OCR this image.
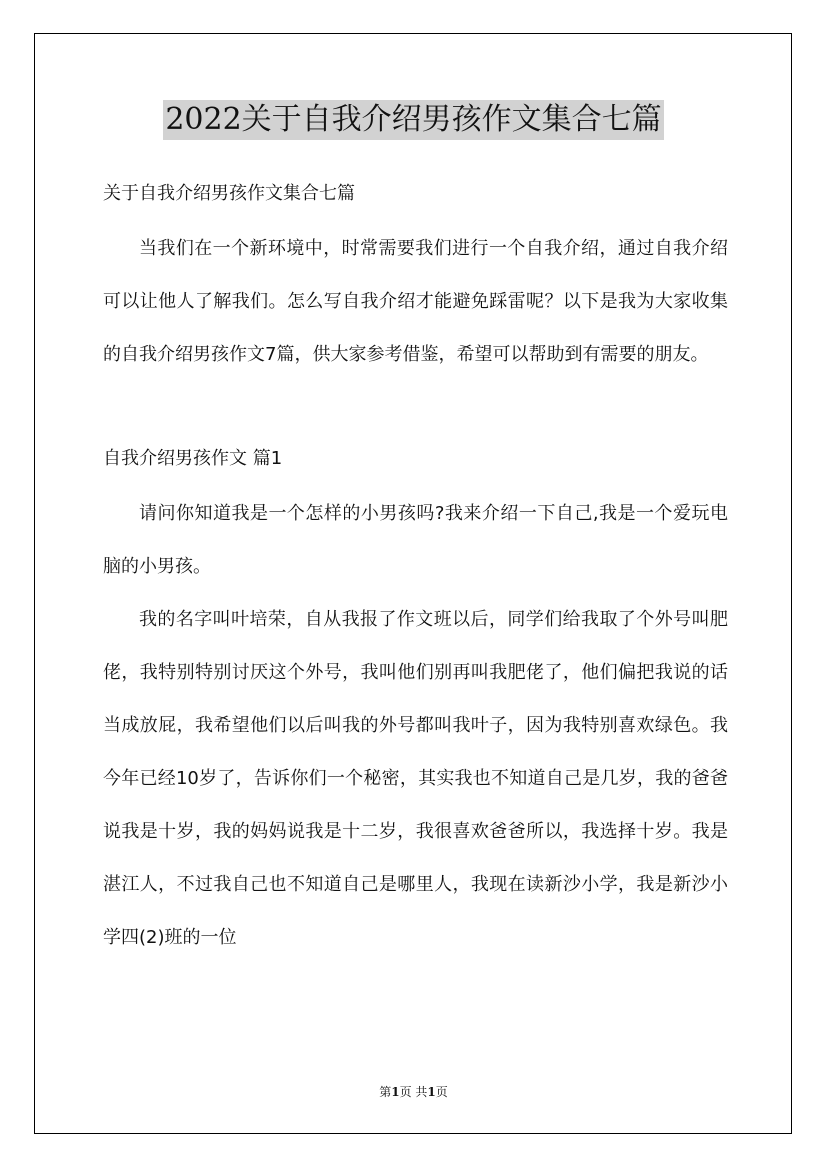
2022关于自我介绍男孩作文集合七篇
关于自我介绍男孩作文集合七篇

当我们在一个新环境中，时常需要我们进行一个自我介绍，通过自我介绍可以让他人了解我们。怎么写自我介绍才能避免踩雷呢？以下是我为大家收集的自我介绍男孩作文7篇，供大家参考借鉴，希望可以帮助到有需要的朋友。

自我介绍男孩作文 篇1

请问你知道我是一个怎样的小男孩吗?我来介绍一下自己,我是一个爱玩电脑的小男孩。

我的名字叫叶培荣，自从我报了作文班以后，同学们给我取了个外号叫肥佬，我特别特别讨厌这个外号，我叫他们别再叫我肥佬了，他们偏把我说的话当成放屁，我希望他们以后叫我的外号都叫我叶子，因为我特别喜欢绿色。我今年已经10岁了，告诉你们一个秘密，其实我也不知道自己是几岁，我的爸爸说我是十岁，我的妈妈说我是十二岁，我很喜欢爸爸所以，我选择十岁。我是湛江人，不过我自己也不知道自己是哪里人，我现在读新沙小学，我是新沙小学四(2)班的一位

第1页 共1页
